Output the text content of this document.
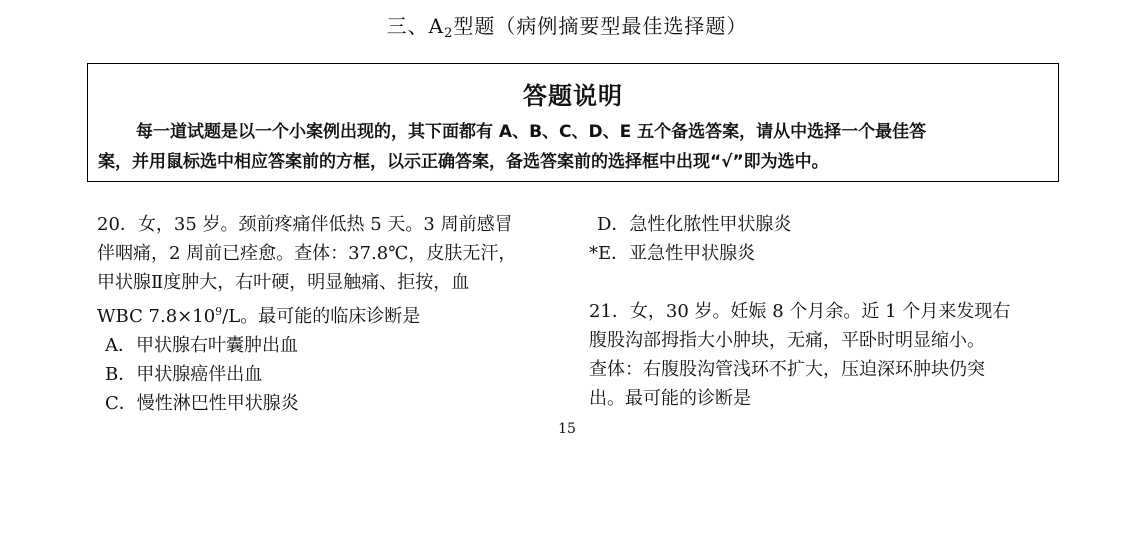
三、$A_2$型题（病例摘要型最佳选择题）
答题说明
每一道试题是以一个小案例出现的，其下面都有 A、B、C、D、E 五个备选答案，请从中选择一个最佳答
案，并用鼠标选中相应答案前的方框，以示正确答案，备选答案前的选择框中出现“√”即为选中。
20．女，35 岁。颈前疼痛伴低热 5 天。3 周前感冒
伴咽痛，2 周前已痊愈。查体：37.8℃，皮肤无汗，
甲状腺Ⅱ度肿大，右叶硬，明显触痛、拒按，血
WBC $7.8\times 10^9/L$。最可能的临床诊断是
A．甲状腺右叶囊肿出血
B．甲状腺癌伴出血
C．慢性淋巴性甲状腺炎
D．急性化脓性甲状腺炎
*E．亚急性甲状腺炎
21．女，30 岁。妊娠 8 个月余。近 1 个月来发现右
腹股沟部拇指大小肿块，无痛，平卧时明显缩小。
查体：右腹股沟管浅环不扩大，压迫深环肿块仍突
出。最可能的诊断是
15
